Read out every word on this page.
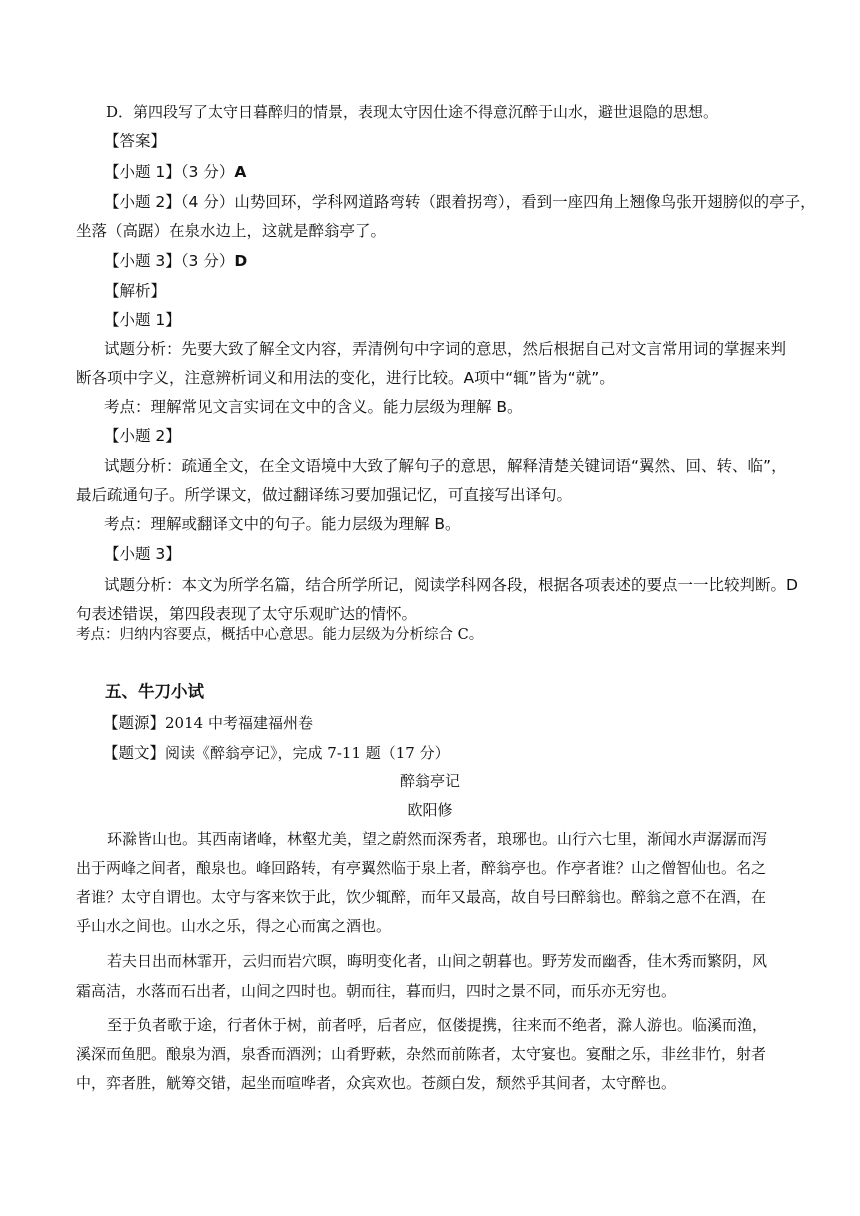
D．第四段写了太守日暮醉归的情景，表现太守因仕途不得意沉醉于山水，避世退隐的思想。
【答案】
【小题 1】（3 分）A
【小题 2】（4 分）山势回环，学科网道路弯转（跟着拐弯），看到一座四角上翘像鸟张开翅膀似的亭子，
坐落（高踞）在泉水边上，这就是醉翁亭了。
【小题 3】（3 分）D
【解析】
【小题 1】
试题分析：先要大致了解全文内容，弄清例句中字词的意思，然后根据自己对文言常用词的掌握来判
断各项中字义，注意辨析词义和用法的变化，进行比较。A项中“辄”皆为“就”。
考点：理解常见文言实词在文中的含义。能力层级为理解 B。
【小题 2】
试题分析：疏通全文，在全文语境中大致了解句子的意思，解释清楚关键词语“翼然、回、转、临”，
最后疏通句子。所学课文，做过翻译练习要加强记忆，可直接写出译句。
考点：理解或翻译文中的句子。能力层级为理解 B。
【小题 3】
试题分析：本文为所学名篇，结合所学所记，阅读学科网各段，根据各项表述的要点一一比较判断。D
句表述错误，第四段表现了太守乐观旷达的情怀。
考点：归纳内容要点，概括中心意思。能力层级为分析综合 C。
五、牛刀小试
【题源】2014 中考福建福州卷
【题文】阅读《醉翁亭记》，完成 7-11 题（17 分）
醉翁亭记
欧阳修
环滁皆山也。其西南诸峰，林壑尤美，望之蔚然而深秀者，琅琊也。山行六七里，渐闻水声潺潺而泻
出于两峰之间者，酿泉也。峰回路转，有亭翼然临于泉上者，醉翁亭也。作亭者谁？山之僧智仙也。名之
者谁？太守自谓也。太守与客来饮于此，饮少辄醉，而年又最高，故自号曰醉翁也。醉翁之意不在酒，在
乎山水之间也。山水之乐，得之心而寓之酒也。
若夫日出而林霏开，云归而岩穴暝，晦明变化者，山间之朝暮也。野芳发而幽香，佳木秀而繁阴，风
霜高洁，水落而石出者，山间之四时也。朝而往，暮而归，四时之景不同，而乐亦无穷也。
至于负者歌于途，行者休于树，前者呼，后者应，伛偻提携，往来而不绝者，滁人游也。临溪而渔，
溪深而鱼肥。酿泉为酒，泉香而酒洌；山肴野蔌，杂然而前陈者，太守宴也。宴酣之乐，非丝非竹，射者
中，弈者胜，觥筹交错，起坐而喧哗者，众宾欢也。苍颜白发，颓然乎其间者，太守醉也。
